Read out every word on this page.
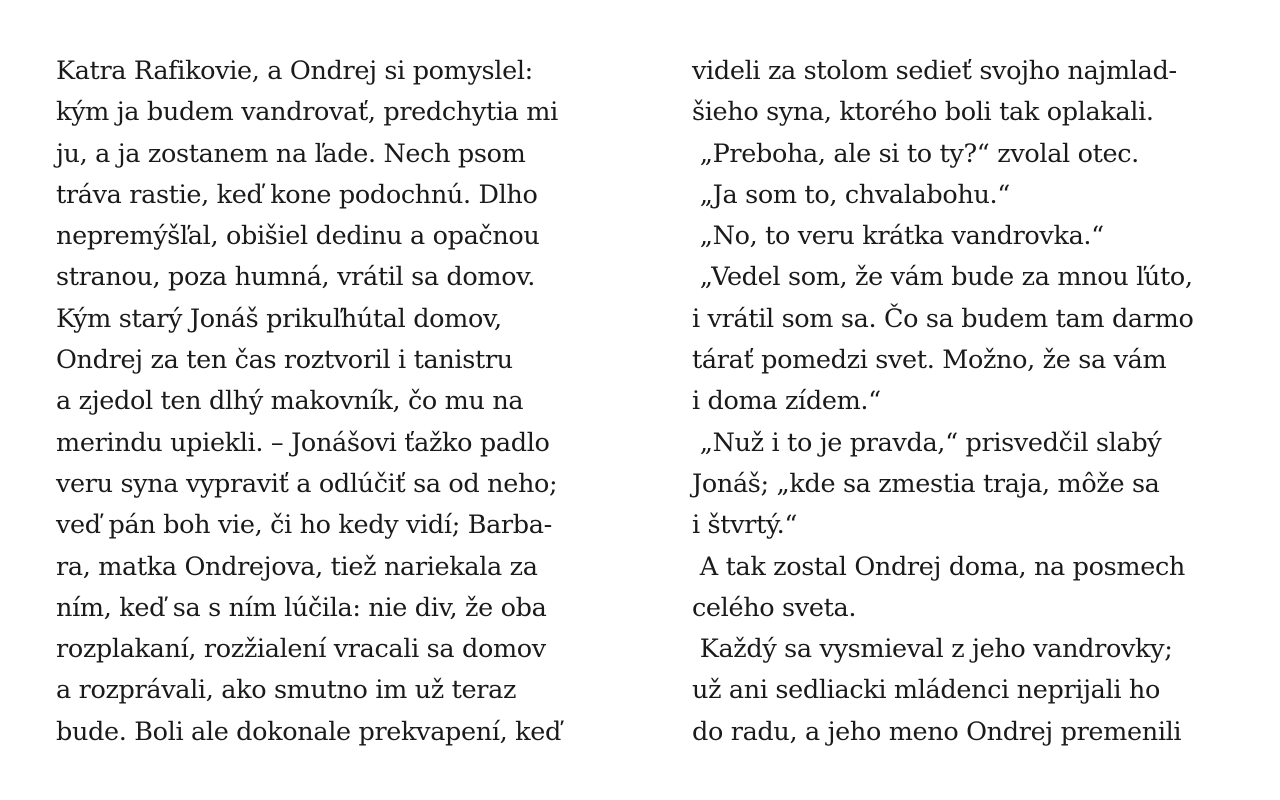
Katra Rafikovie, a Ondrej si pomyslel:
kým ja budem vandrovať, predchytia mi
ju, a ja zostanem na ľade. Nech psom
tráva rastie, keď kone podochnú. Dlho
nepremýšľal, obišiel dedinu a opačnou
stranou, poza humná, vrátil sa domov.
Kým starý Jonáš prikuľhútal domov,
Ondrej za ten čas roztvoril i tanistru
a zjedol ten dlhý makovník, čo mu na
merindu upiekli. – Jonášovi ťažko padlo
veru syna vypraviť a odlúčiť sa od neho;
veď pán boh vie, či ho kedy vidí; Barba-
ra, matka Ondrejova, tiež nariekala za
ním, keď sa s ním lúčila: nie div, že oba
rozplakaní, rozžialení vracali sa domov
a rozprávali, ako smutno im už teraz
bude. Boli ale dokonale prekvapení, keď
videli za stolom sedieť svojho najmlad-
šieho syna, ktorého boli tak oplakali.
„Preboha, ale si to ty?“ zvolal otec.
„Ja som to, chvalabohu.“
„No, to veru krátka vandrovka.“
„Vedel som, že vám bude za mnou ľúto,
i vrátil som sa. Čo sa budem tam darmo
tárať pomedzi svet. Možno, že sa vám
i doma zídem.“
„Nuž i to je pravda,“ prisvedčil slabý
Jonáš; „kde sa zmestia traja, môže sa
i štvrtý.“
A tak zostal Ondrej doma, na posmech
celého sveta.
Každý sa vysmieval z jeho vandrovky;
už ani sedliacki mládenci neprijali ho
do radu, a jeho meno Ondrej premenili
